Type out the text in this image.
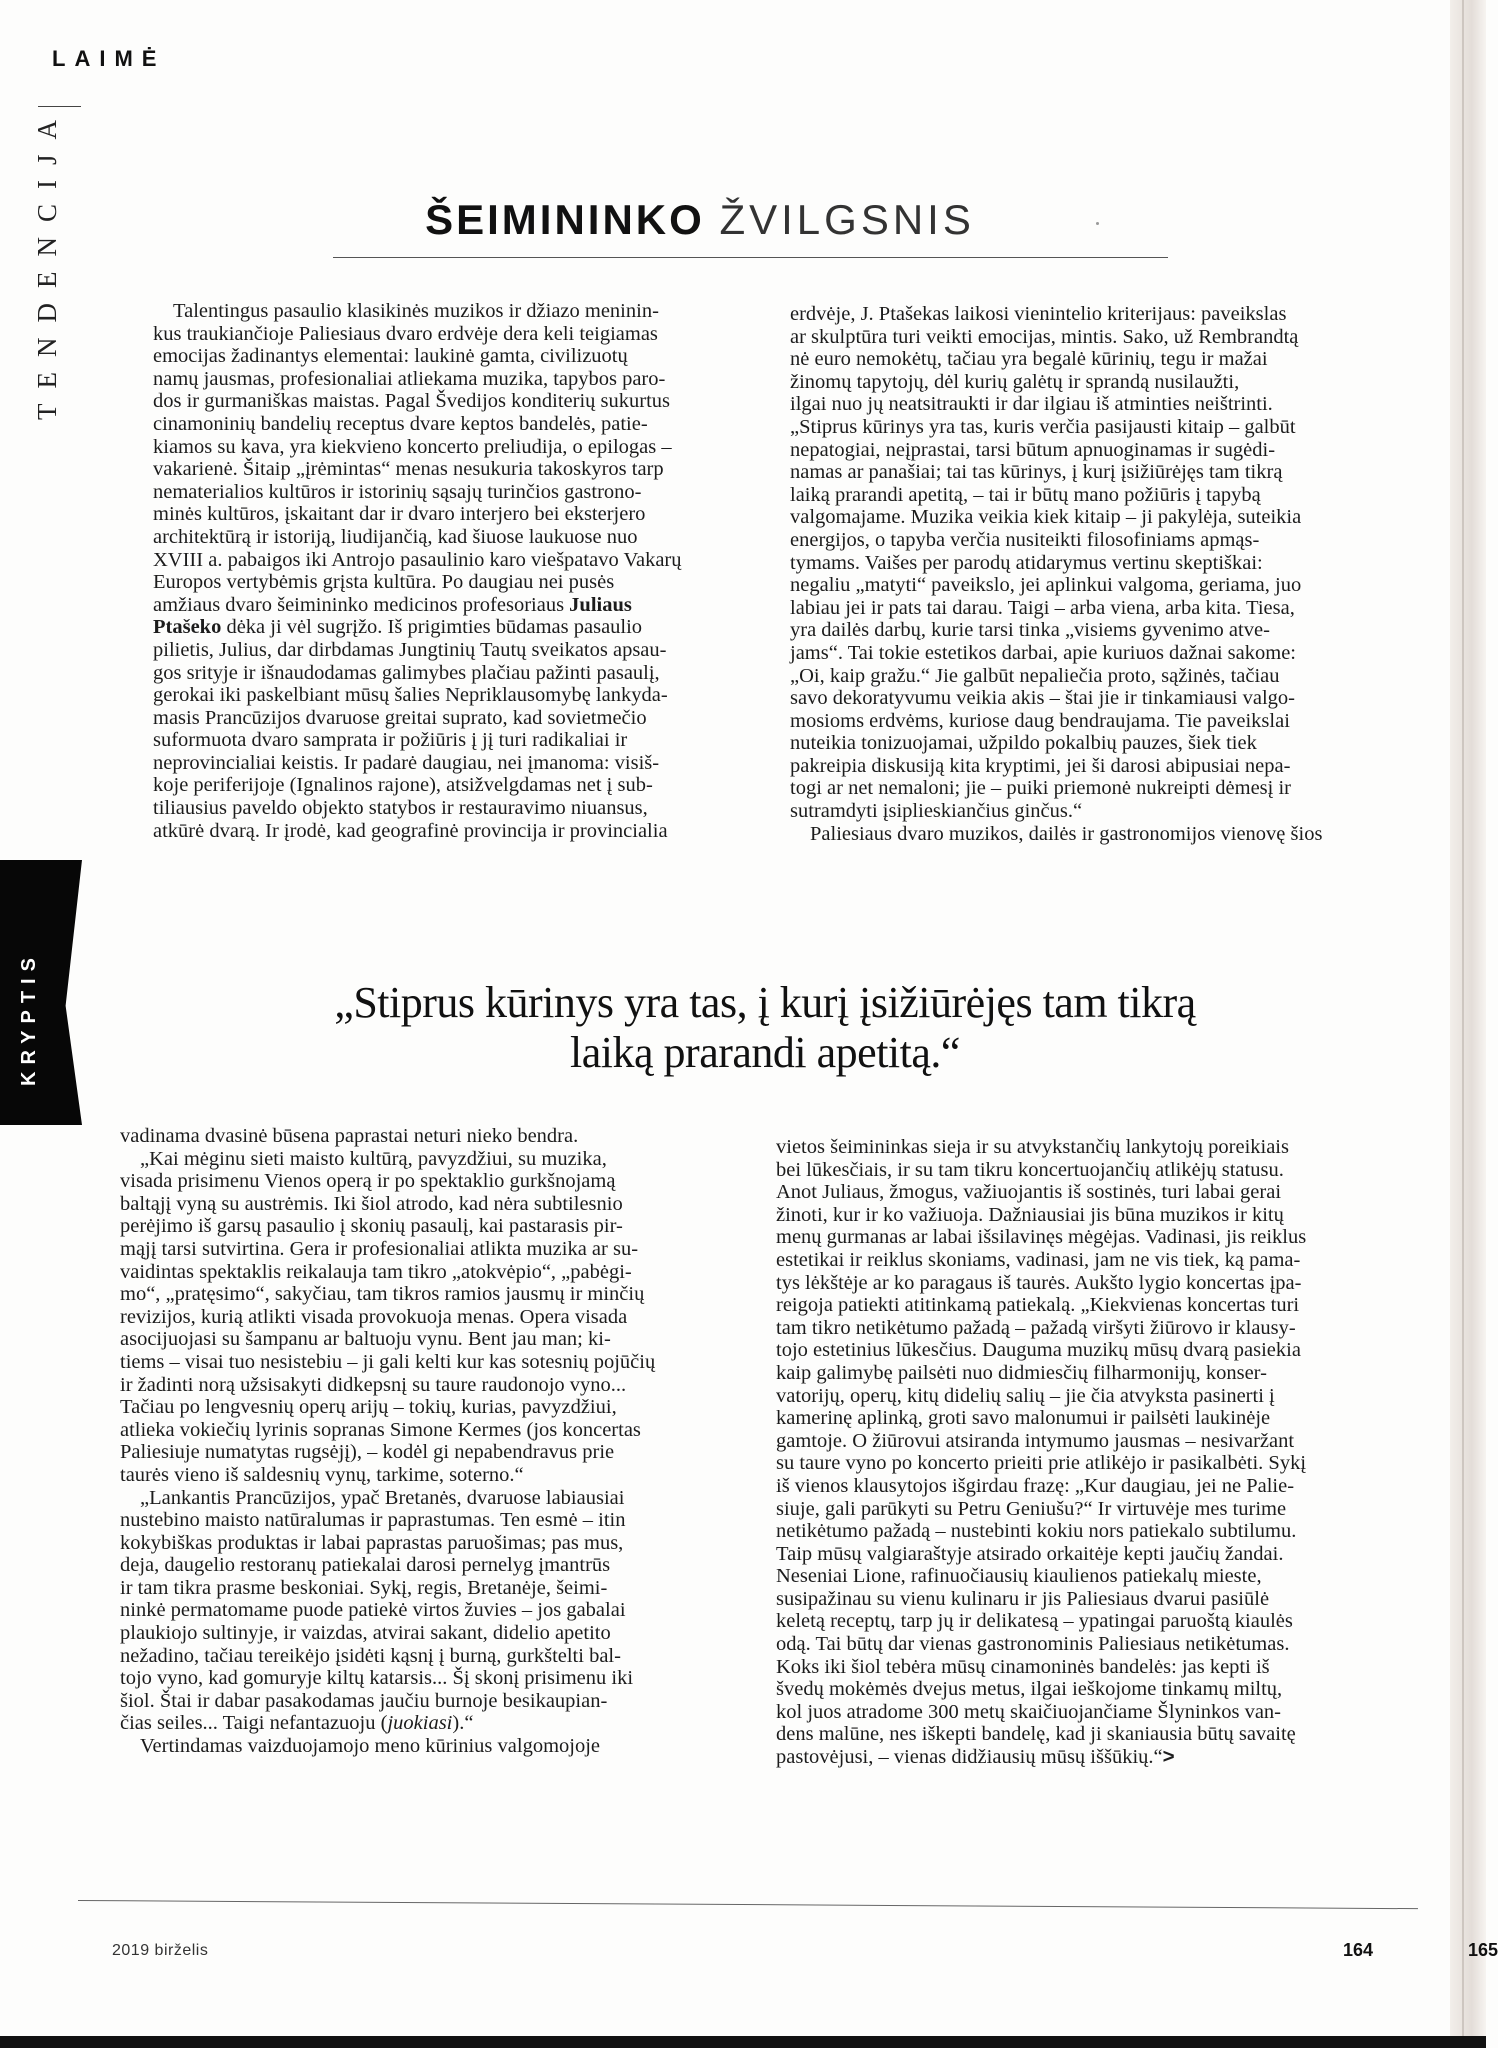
LAIMĖ
TENDENCIJA
KRYPTIS
ŠEIMININKO ŽVILGSNIS
Talentingus pasaulio klasikinės muzikos ir džiazo meninin-
kus traukiančioje Paliesiaus dvaro erdvėje dera keli teigiamas
emocijas žadinantys elementai: laukinė gamta, civilizuotų
namų jausmas, profesionaliai atliekama muzika, tapybos paro-
dos ir gurmaniškas maistas. Pagal Švedijos konditerių sukurtus
cinamoninių bandelių receptus dvare keptos bandelės, patie-
kiamos su kava, yra kiekvieno koncerto preliudija, o epilogas –
vakarienė. Šitaip „įrėmintas“ menas nesukuria takoskyros tarp
nematerialios kultūros ir istorinių sąsajų turinčios gastrono-
minės kultūros, įskaitant dar ir dvaro interjero bei eksterjero
architektūrą ir istoriją, liudijančią, kad šiuose laukuose nuo
XVIII a. pabaigos iki Antrojo pasaulinio karo viešpatavo Vakarų
Europos vertybėmis grįsta kultūra. Po daugiau nei pusės
amžiaus dvaro šeimininko medicinos profesoriaus Juliaus
Ptašeko dėka ji vėl sugrįžo. Iš prigimties būdamas pasaulio
pilietis, Julius, dar dirbdamas Jungtinių Tautų sveikatos apsau-
gos srityje ir išnaudodamas galimybes plačiau pažinti pasaulį,
gerokai iki paskelbiant mūsų šalies Nepriklausomybę lankyda-
masis Prancūzijos dvaruose greitai suprato, kad sovietmečio
suformuota dvaro samprata ir požiūris į jį turi radikaliai ir
neprovincialiai keistis. Ir padarė daugiau, nei įmanoma: visiš-
koje periferijoje (Ignalinos rajone), atsižvelgdamas net į sub-
tiliausius paveldo objekto statybos ir restauravimo niuansus,
atkūrė dvarą. Ir įrodė, kad geografinė provincija ir provincialia
erdvėje, J. Ptašekas laikosi vienintelio kriterijaus: paveikslas
ar skulptūra turi veikti emocijas, mintis. Sako, už Rembrandtą
nė euro nemokėtų, tačiau yra begalė kūrinių, tegu ir mažai
žinomų tapytojų, dėl kurių galėtų ir sprandą nusilaužti,
ilgai nuo jų neatsitraukti ir dar ilgiau iš atminties neištrinti.
„Stiprus kūrinys yra tas, kuris verčia pasijausti kitaip – galbūt
nepatogiai, neįprastai, tarsi būtum apnuoginamas ir sugėdi-
namas ar panašiai; tai tas kūrinys, į kurį įsižiūrėjęs tam tikrą
laiką prarandi apetitą, – tai ir būtų mano požiūris į tapybą
valgomajame. Muzika veikia kiek kitaip – ji pakylėja, suteikia
energijos, o tapyba verčia nusiteikti filosofiniams apmąs-
tymams. Vaišes per parodų atidarymus vertinu skeptiškai:
negaliu „matyti“ paveikslo, jei aplinkui valgoma, geriama, juo
labiau jei ir pats tai darau. Taigi – arba viena, arba kita. Tiesa,
yra dailės darbų, kurie tarsi tinka „visiems gyvenimo atve-
jams“. Tai tokie estetikos darbai, apie kuriuos dažnai sakome:
„Oi, kaip gražu.“ Jie galbūt nepaliečia proto, sąžinės, tačiau
savo dekoratyvumu veikia akis – štai jie ir tinkamiausi valgo-
mosioms erdvėms, kuriose daug bendraujama. Tie paveikslai
nuteikia tonizuojamai, užpildo pokalbių pauzes, šiek tiek
pakreipia diskusiją kita kryptimi, jei ši darosi abipusiai nepa-
togi ar net nemaloni; jie – puiki priemonė nukreipti dėmesį ir
sutramdyti įsiplieskiančius ginčus.“
Paliesiaus dvaro muzikos, dailės ir gastronomijos vienovę šios
„Stiprus kūrinys yra tas, į kurį įsižiūrėjęs tam tikrą
laiką prarandi apetitą.“
vadinama dvasinė būsena paprastai neturi nieko bendra.
„Kai mėginu sieti maisto kultūrą, pavyzdžiui, su muzika,
visada prisimenu Vienos operą ir po spektaklio gurkšnojamą
baltąjį vyną su austrėmis. Iki šiol atrodo, kad nėra subtilesnio
perėjimo iš garsų pasaulio į skonių pasaulį, kai pastarasis pir-
mąjį tarsi sutvirtina. Gera ir profesionaliai atlikta muzika ar su-
vaidintas spektaklis reikalauja tam tikro „atokvėpio“, „pabėgi-
mo“, „pratęsimo“, sakyčiau, tam tikros ramios jausmų ir minčių
revizijos, kurią atlikti visada provokuoja menas. Opera visada
asocijuojasi su šampanu ar baltuoju vynu. Bent jau man; ki-
tiems – visai tuo nesistebiu – ji gali kelti kur kas sotesnių pojūčių
ir žadinti norą užsisakyti didkepsnį su taure raudonojo vyno...
Tačiau po lengvesnių operų arijų – tokių, kurias, pavyzdžiui,
atlieka vokiečių lyrinis sopranas Simone Kermes (jos koncertas
Paliesiuje numatytas rugsėjį), – kodėl gi nepabendravus prie
taurės vieno iš saldesnių vynų, tarkime, soterno.“
„Lankantis Prancūzijos, ypač Bretanės, dvaruose labiausiai
nustebino maisto natūralumas ir paprastumas. Ten esmė – itin
kokybiškas produktas ir labai paprastas paruošimas; pas mus,
deja, daugelio restoranų patiekalai darosi pernelyg įmantrūs
ir tam tikra prasme beskoniai. Sykį, regis, Bretanėje, šeimi-
ninkė permatomame puode patiekė virtos žuvies – jos gabalai
plaukiojo sultinyje, ir vaizdas, atvirai sakant, didelio apetito
nežadino, tačiau tereikėjo įsidėti kąsnį į burną, gurkštelti bal-
tojo vyno, kad gomuryje kiltų katarsis... Šį skonį prisimenu iki
šiol. Štai ir dabar pasakodamas jaučiu burnoje besikaupian-
čias seiles... Taigi nefantazuoju (juokiasi).“
Vertindamas vaizduojamojo meno kūrinius valgomojoje
vietos šeimininkas sieja ir su atvykstančių lankytojų poreikiais
bei lūkesčiais, ir su tam tikru koncertuojančių atlikėjų statusu.
Anot Juliaus, žmogus, važiuojantis iš sostinės, turi labai gerai
žinoti, kur ir ko važiuoja. Dažniausiai jis būna muzikos ir kitų
menų gurmanas ar labai išsilavinęs mėgėjas. Vadinasi, jis reiklus
estetikai ir reiklus skoniams, vadinasi, jam ne vis tiek, ką pama-
tys lėkštėje ar ko paragaus iš taurės. Aukšto lygio koncertas įpa-
reigoja patiekti atitinkamą patiekalą. „Kiekvienas koncertas turi
tam tikro netikėtumo pažadą – pažadą viršyti žiūrovo ir klausy-
tojo estetinius lūkesčius. Dauguma muzikų mūsų dvarą pasiekia
kaip galimybę pailsėti nuo didmiesčių filharmonijų, konser-
vatorijų, operų, kitų didelių salių – jie čia atvyksta pasinerti į
kamerinę aplinką, groti savo malonumui ir pailsėti laukinėje
gamtoje. O žiūrovui atsiranda intymumo jausmas – nesivaržant
su taure vyno po koncerto prieiti prie atlikėjo ir pasikalbėti. Sykį
iš vienos klausytojos išgirdau frazę: „Kur daugiau, jei ne Palie-
siuje, gali parūkyti su Petru Geniušu?“ Ir virtuvėje mes turime
netikėtumo pažadą – nustebinti kokiu nors patiekalo subtilumu.
Taip mūsų valgiaraštyje atsirado orkaitėje kepti jaučių žandai.
Neseniai Lione, rafinuočiausių kiaulienos patiekalų mieste,
susipažinau su vienu kulinaru ir jis Paliesiaus dvarui pasiūlė
keletą receptų, tarp jų ir delikatesą – ypatingai paruoštą kiaulės
odą. Tai būtų dar vienas gastronominis Paliesiaus netikėtumas.
Koks iki šiol tebėra mūsų cinamoninės bandelės: jas kepti iš
švedų mokėmės dvejus metus, ilgai ieškojome tinkamų miltų,
kol juos atradome 300 metų skaičiuojančiame Šlyninkos van-
dens malūne, nes iškepti bandelę, kad ji skaniausia būtų savaitę
pastovėjusi, – vienas didžiausių mūsų iššūkių.“>
2019 birželis	164	165
